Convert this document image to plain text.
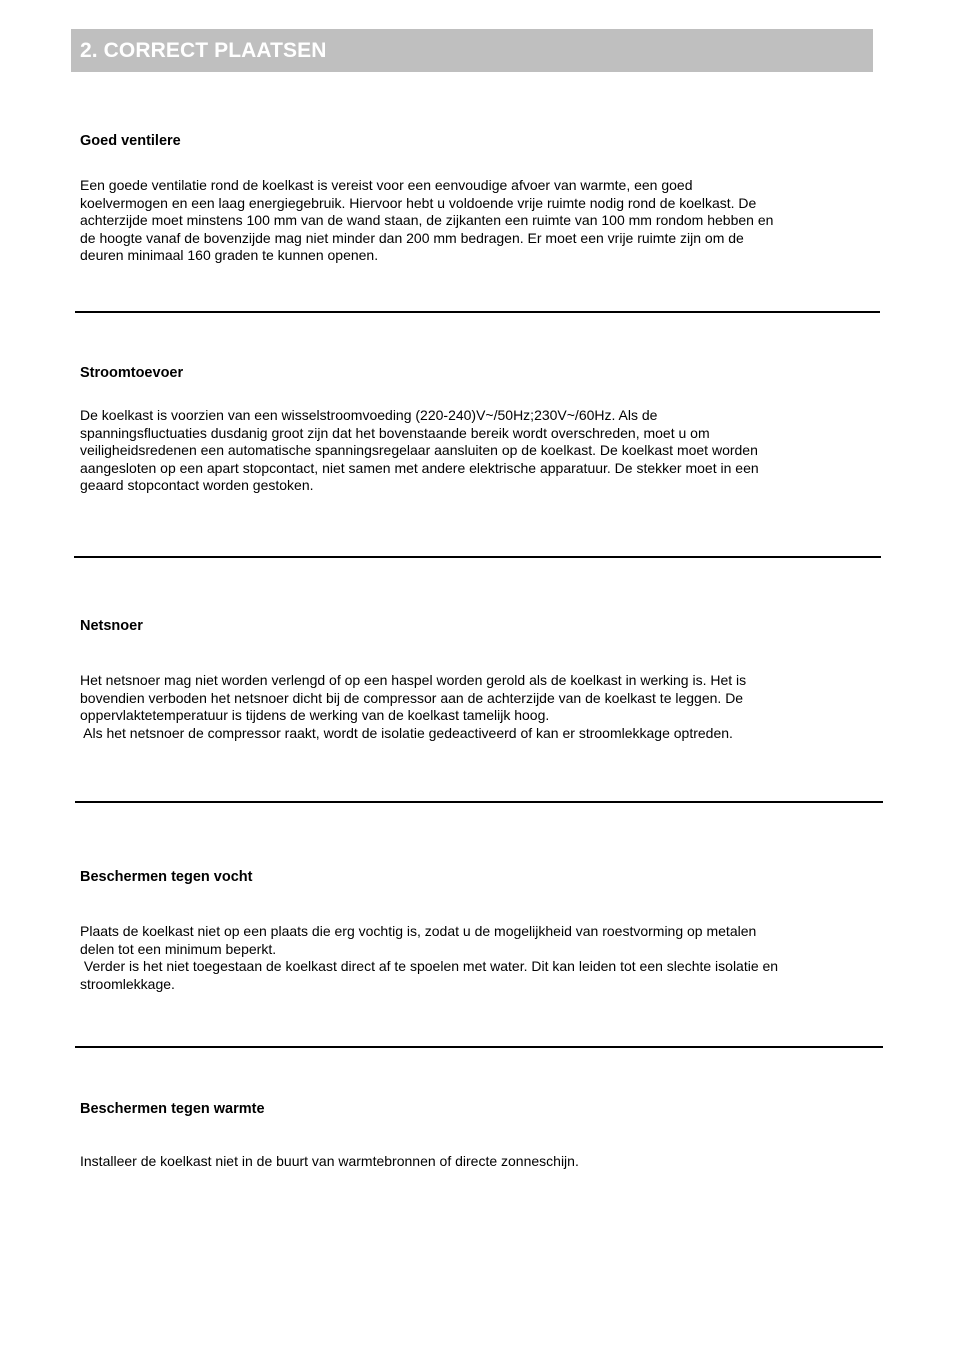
2. CORRECT PLAATSEN
Goed ventilere
Een goede ventilatie rond de koelkast is vereist voor een eenvoudige afvoer van warmte, een goed
koelvermogen en een laag energiegebruik. Hiervoor hebt u voldoende vrije ruimte nodig rond de koelkast. De
achterzijde moet minstens 100 mm van de wand staan, de zijkanten een ruimte van 100 mm rondom hebben en
de hoogte vanaf de bovenzijde mag niet minder dan 200 mm bedragen. Er moet een vrije ruimte zijn om de
deuren minimaal 160 graden te kunnen openen.
Stroomtoevoer
De koelkast is voorzien van een wisselstroomvoeding (220-240)V~/50Hz;230V~/60Hz. Als de
spanningsfluctuaties dusdanig groot zijn dat het bovenstaande bereik wordt overschreden, moet u om
veiligheidsredenen een automatische spanningsregelaar aansluiten op de koelkast. De koelkast moet worden
aangesloten op een apart stopcontact, niet samen met andere elektrische apparatuur. De stekker moet in een
geaard stopcontact worden gestoken.
Netsnoer
Het netsnoer mag niet worden verlengd of op een haspel worden gerold als de koelkast in werking is. Het is
bovendien verboden het netsnoer dicht bij de compressor aan de achterzijde van de koelkast te leggen. De
oppervlaktetemperatuur is tijdens de werking van de koelkast tamelijk hoog.
Als het netsnoer de compressor raakt, wordt de isolatie gedeactiveerd of kan er stroomlekkage optreden.
Beschermen tegen vocht
Plaats de koelkast niet op een plaats die erg vochtig is, zodat u de mogelijkheid van roestvorming op metalen
delen tot een minimum beperkt.
Verder is het niet toegestaan de koelkast direct af te spoelen met water. Dit kan leiden tot een slechte isolatie en
stroomlekkage.
Beschermen tegen warmte
Installeer de koelkast niet in de buurt van warmtebronnen of directe zonneschijn.
